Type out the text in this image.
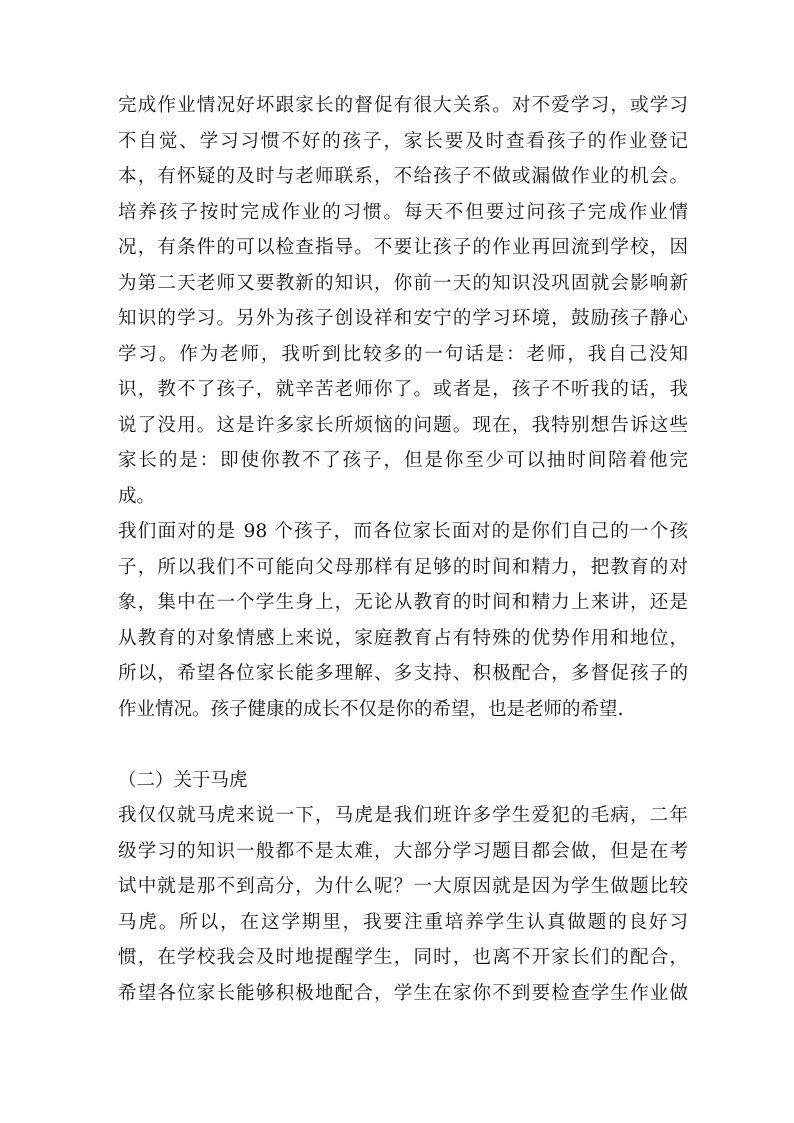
完成作业情况好坏跟家长的督促有很大关系。对不爱学习，或学习
不自觉、学习习惯不好的孩子，家长要及时查看孩子的作业登记
本，有怀疑的及时与老师联系，不给孩子不做或漏做作业的机会。
培养孩子按时完成作业的习惯。每天不但要过问孩子完成作业情
况，有条件的可以检查指导。不要让孩子的作业再回流到学校，因
为第二天老师又要教新的知识，你前一天的知识没巩固就会影响新
知识的学习。另外为孩子创设祥和安宁的学习环境，鼓励孩子静心
学习。作为老师，我听到比较多的一句话是：老师，我自己没知
识，教不了孩子，就辛苦老师你了。或者是，孩子不听我的话，我
说了没用。这是许多家长所烦恼的问题。现在，我特别想告诉这些
家长的是：即使你教不了孩子，但是你至少可以抽时间陪着他完
成。
我们面对的是 98 个孩子，而各位家长面对的是你们自己的一个孩
子，所以我们不可能向父母那样有足够的时间和精力，把教育的对
象，集中在一个学生身上，无论从教育的时间和精力上来讲，还是
从教育的对象情感上来说，家庭教育占有特殊的优势作用和地位，
所以，希望各位家长能多理解、多支持、积极配合，多督促孩子的
作业情况。孩子健康的成长不仅是你的希望，也是老师的希望.
（二）关于马虎
我仅仅就马虎来说一下，马虎是我们班许多学生爱犯的毛病，二年
级学习的知识一般都不是太难，大部分学习题目都会做，但是在考
试中就是那不到高分，为什么呢？一大原因就是因为学生做题比较
马虎。所以，在这学期里，我要注重培养学生认真做题的良好习
惯，在学校我会及时地提醒学生，同时，也离不开家长们的配合，
希望各位家长能够积极地配合，学生在家你不到要检查学生作业做
